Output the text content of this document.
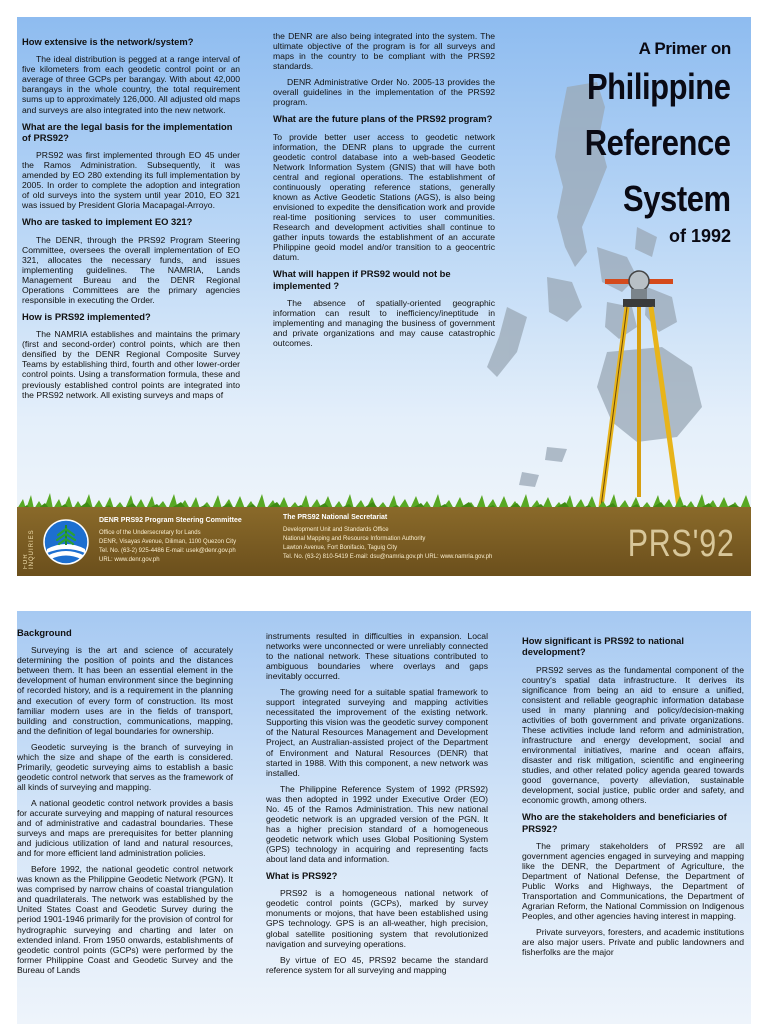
A Primer on
Philippine
Reference
System
of 1992
How extensive is the network/system?

The ideal distribution is pegged at a range interval of five kilometers from each geodetic control point or an average of three GCPs per barangay. With about 42,000 barangays in the whole country, the total requirement sums up to approximately 126,000. All adjusted old maps and surveys are also integrated into the new network.

What are the legal basis for the implementation of PRS92?

PRS92 was first implemented through EO 45 under the Ramos Administration. Subsequently, it was amended by EO 280 extending its full implementation by 2005. In order to complete the adoption and integration of old surveys into the system until year 2010, EO 321 was issued by President Gloria Macapagal-Arroyo.

Who are tasked to implement EO 321?

The DENR, through the PRS92 Program Steering Committee, oversees the overall implementation of EO 321, allocates the necessary funds, and issues implementing guidelines. The NAMRIA, Lands Management Bureau and the DENR Regional Operations Committees are the primary agencies responsible in executing the Order.

How is PRS92 implemented?

The NAMRIA establishes and maintains the primary (first and second-order) control points, which are then densified by the DENR Regional Composite Survey Teams by establishing third, fourth and other lower-order control points. Using a transformation formula, these and previously established control points are integrated into the PRS92 network. All existing surveys and maps of

the DENR are also being integrated into the system. The ultimate objective of the program is for all surveys and maps in the country to be compliant with the PRS92 standards.

DENR Administrative Order No. 2005-13 provides the overall guidelines in the implementation of the PRS92 program.

What are the future plans of the PRS92 program?

To provide better user access to geodetic network information, the DENR plans to upgrade the current geodetic control database into a web-based Geodetic Network Information System (GNIS) that will have both central and regional operations. The establishment of continuously operating reference stations, generally known as Active Geodetic Stations (AGS), is also being envisioned to expedite the densification work and provide real-time positioning services to user communities. Research and development activities shall continue to gather inputs towards the establishment of an accurate Philippine geoid model and/or transition to a geocentric datum.

What will happen if PRS92 would not be implemented ?

The absence of spatially-oriented geographic information can result to inefficiency/ineptitude in implementing and managing the business of government and private organizations and may cause catastrophic outcomes.

FOR INQUIRIES
DENR PRS92 Program Steering Committee
Office of the Undersecretary for Lands
DENR, Visayas Avenue, Diliman, 1100 Quezon City
Tel. No. (63-2) 925-4486 E-mail: usek@denr.gov.ph
URL: www.denr.gov.ph
The PRS92 National Secretariat
Development Unit and Standards Office
National Mapping and Resource Information Authority
Lawton Avenue, Fort Bonifacio, Taguig City
Tel. No. (63-2) 810-5419 E-mail: dsu@namria.gov.ph URL: www.namria.gov.ph	PRS'92
Background

Surveying is the art and science of accurately determining the position of points and the distances between them. It has been an essential element in the development of human environment since the beginning of recorded history, and is a requirement in the planning and execution of every form of construction. Its most familiar modern uses are in the fields of transport, building and construction, communications, mapping, and the definition of legal boundaries for ownership.

Geodetic surveying is the branch of surveying in which the size and shape of the earth is considered. Primarily, geodetic surveying aims to establish a basic geodetic control network that serves as the framework of all kinds of surveying and mapping.

A national geodetic control network provides a basis for accurate surveying and mapping of natural resources and of administrative and cadastral boundaries. These surveys and maps are prerequisites for better planning and judicious utilization of land and natural resources, and for more efficient land administration policies.

Before 1992, the national geodetic control network was known as the Philippine Geodetic Network (PGN). It was comprised by narrow chains of coastal triangulation and quadrilaterals. The network was established by the United States Coast and Geodetic Survey during the period 1901-1946 primarily for the provision of control for hydrographic surveying and charting and later on extended inland. From 1950 onwards, establishments of geodetic control points (GCPs) were performed by the former Philippine Coast and Geodetic Survey and the Bureau of Lands

instruments resulted in difficulties in expansion. Local networks were unconnected or were unreliably connected to the national network. These situations contributed to ambiguous boundaries where overlays and gaps inevitably occurred.

The growing need for a suitable spatial framework to support integrated surveying and mapping activities necessitated the improvement of the existing network. Supporting this vision was the geodetic survey component of the Natural Resources Management and Development Project, an Australian-assisted project of the Department of Environment and Natural Resources (DENR) that started in 1988. With this component, a new network was installed.

The Philippine Reference System of 1992 (PRS92) was then adopted in 1992 under Executive Order (EO) No. 45 of the Ramos Administration. This new national geodetic network is an upgraded version of the PGN. It has a higher precision standard of a homogeneous geodetic network which uses Global Positioning System (GPS) technology in acquiring and representing facts about land data and information.

What is PRS92?

PRS92 is a homogeneous national network of geodetic control points (GCPs), marked by survey monuments or mojons, that have been established using GPS technology. GPS is an all-weather, high precision, global satellite positioning system that revolutionized navigation and surveying operations.

By virtue of EO 45, PRS92 became the standard reference system for all surveying and mapping

How significant is PRS92 to national development?

PRS92 serves as the fundamental component of the country's spatial data infrastructure. It derives its significance from being an aid to ensure a unified, consistent and reliable geographic information database used in many planning and policy/decision-making activities of both government and private organizations. These activities include land reform and administration, infrastructure and energy development, social and environmental initiatives, marine and ocean affairs, disaster and risk mitigation, scientific and engineering studies, and other related policy agenda geared towards good governance, poverty alleviation, sustainable development, social justice, public order and safety, and economic growth, among others.

Who are the stakeholders and beneficiaries of PRS92?

The primary stakeholders of PRS92 are all government agencies engaged in surveying and mapping like the DENR, the Department of Agriculture, the Department of National Defense, the Department of Public Works and Highways, the Department of Transportation and Communications, the Department of Agrarian Reform, the National Commission on Indigenous Peoples, and other agencies having interest in mapping.

Private surveyors, foresters, and academic institutions are also major users. Private and public landowners and fisherfolks are the major
